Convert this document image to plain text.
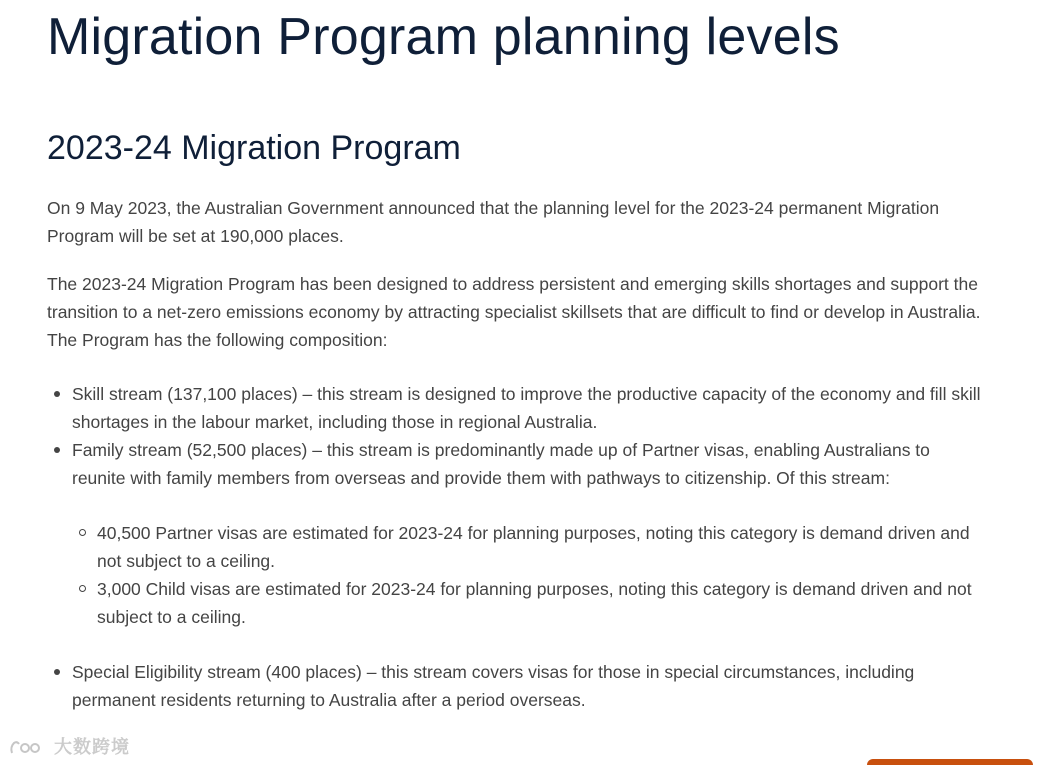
Migration Program planning levels
2023-24 Migration Program

On 9 May 2023, the Australian Government announced that the planning level for the 2023-24 permanent Migration Program will be set at 190,000 places.

The 2023-24 Migration Program has been designed to address persistent and emerging skills shortages and support the transition to a net-zero emissions economy by attracting specialist skillsets that are difficult to find or develop in Australia. The Program has the following composition:

Skill stream (137,100 places) – this stream is designed to improve the productive capacity of the economy and fill skill shortages in the labour market, including those in regional Australia.
Family stream (52,500 places) – this stream is predominantly made up of Partner visas, enabling Australians to reunite with family members from overseas and provide them with pathways to citizenship. Of this stream:
40,500 Partner visas are estimated for 2023-24 for planning purposes, noting this category is demand driven and not subject to a ceiling.
3,000 Child visas are estimated for 2023-24 for planning purposes, noting this category is demand driven and not subject to a ceiling.
Special Eligibility stream (400 places) – this stream covers visas for those in special circumstances, including permanent residents returning to Australia after a period overseas.
大数跨境
